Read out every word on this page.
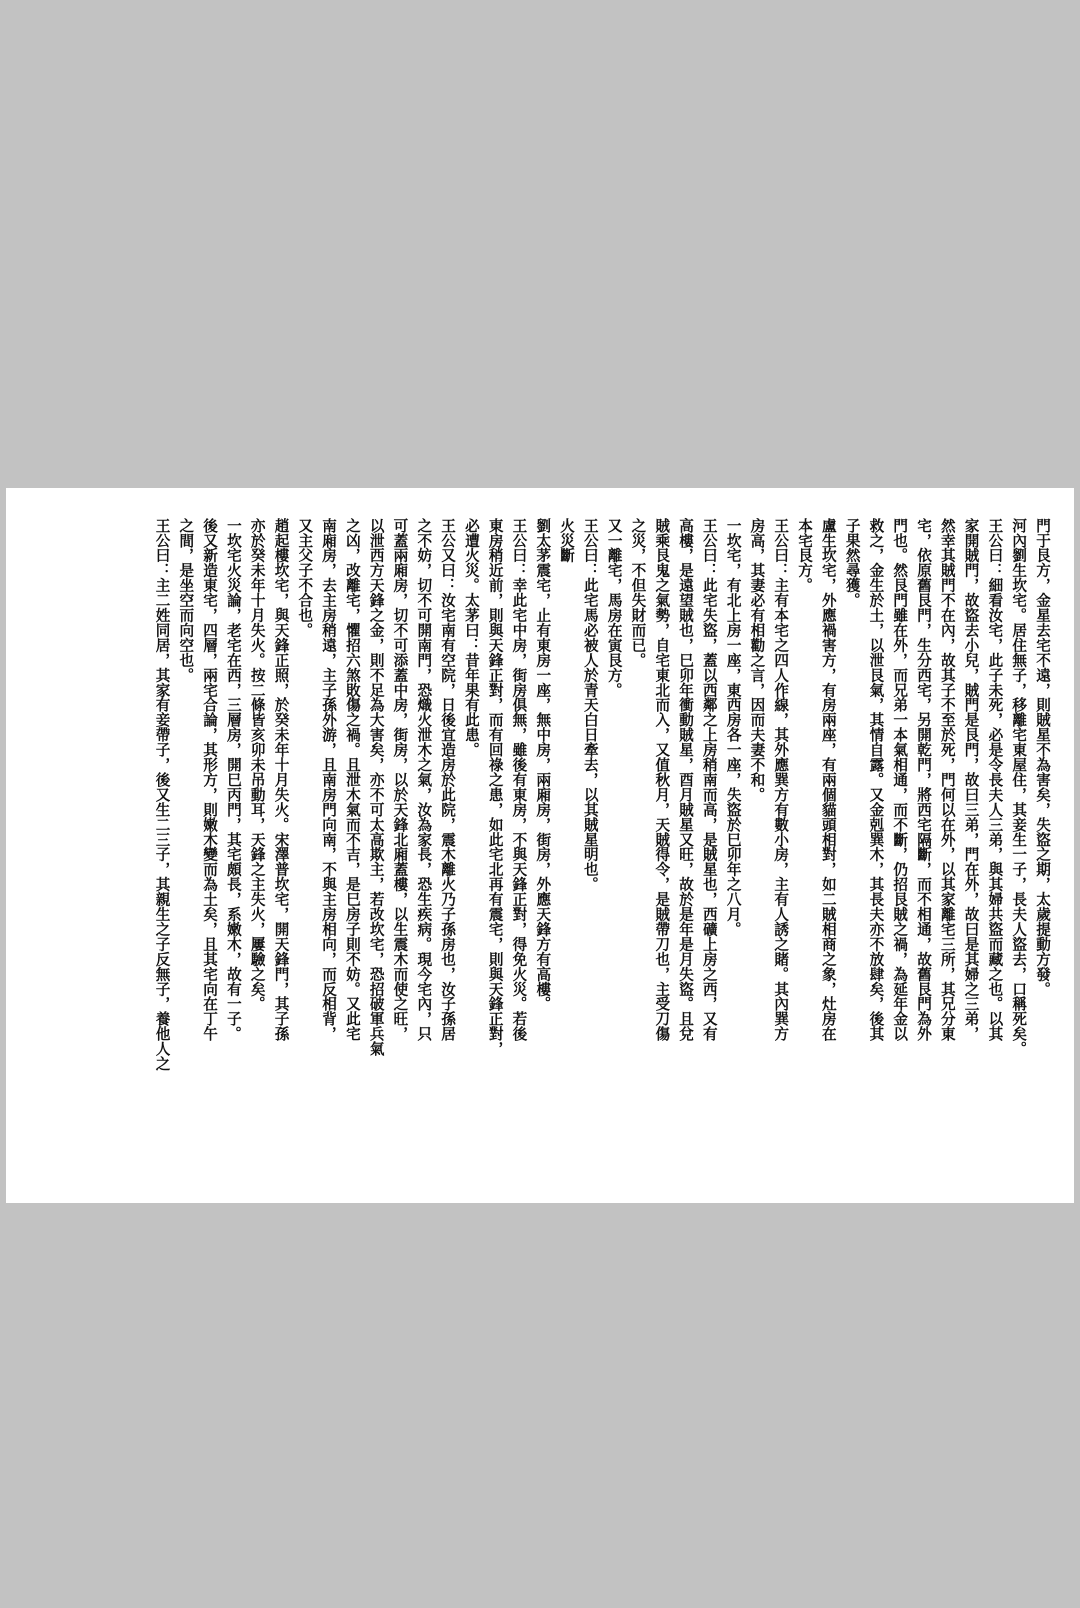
門于艮方，金星去宅不遠，則賊星不為害矣，失盜之期，太歲提動方發。
河內劉生坎宅。居住無子，移離宅東屋住，其妾生一子，長夫人盜去，口稱死矣。
王公曰：細看汝宅，此子未死，必是令長夫人三弟，與其婦共盜而藏之也。以其
家開賊門，故盜去小兒，賊門是艮門，故曰三弟，門在外，故曰是其婦之三弟，
然幸其賊門不在內，故其子不至於死，門何以在外，以其家離宅三所，其兄分東
宅，依原舊艮門，生分西宅，另開乾門，將西宅隔斷，而不相通，故舊艮門為外
門也。然艮門雖在外，而兄弟一本氣相通，而不斷，仍招艮賊之禍，為延年金以
救之，金生於土，以泄艮氣，其情自露。又金剋巽木，其長夫亦不放肆矣，後其
子果然尋獲。
盧生坎宅，外應禍害方，有房兩座，有兩個貓頭相對，如二賊相商之象，灶房在
本宅艮方。
王公曰：主有本宅之四人作線，其外應巽方有數小房，主有人誘之賭。其內巽方
房高，其妻必有相勸之言，因而夫妻不和。
一坎宅，有北上房一座，東西房各一座，失盜於巳卯年之八月。
王公曰：此宅失盜，蓋以西鄰之上房稍南而高，是賊星也，西礦上房之西，又有
高樓，是遠望賊也，巳卯年衝動賊星，酉月賊星又旺，故於是年是月失盜。且兌
賊乘艮鬼之氣勢，自宅東北而入，又值秋月，天賊得令，是賊帶刀也，主受刀傷
之災，不但失財而已。
又一離宅，馬房在寅艮方。
王公曰：此宅馬必被人於青天白日牽去，以其賊星明也。
火災斷
劉太茅震宅，止有東房一座，無中房，兩廂房，街房，外應天鋒方有高樓。
王公曰：幸此宅中房，街房俱無，雖後有東房，不與天鋒正對，得免火災。若後
東房稍近前，則與天鋒正對，而有回祿之患，如此宅北再有震宅，則與天鋒正對，
必遭火災。太茅曰：昔年果有此患。
王公又曰：汝宅南有空院，日後宜造房於此院，震木離火乃子孫房也，汝子孫居
之不妨，切不可開南門，恐熾火泄木之氣，汝為家長，恐生疾病。現今宅內，只
可蓋兩廂房，切不可添蓋中房，街房，以於天鋒北廂蓋樓，以生震木而使之旺，
以泄西方天鋒之金，則不足為大害矣，亦不可太高欺主，若改坎宅，恐招破軍兵氣
之凶，改離宅，懼招六煞敗傷之禍。且泄木氣而不吉，是巳房子則不妨。又此宅
南廂房，去主房稍遠，主子孫外游，且南房門向南，不與主房相向，而反相背，
又主父子不合也。
趙起樓坎宅，與天鋒正照，於癸未年十月失火。宋澤普坎宅，開天鋒門，其子孫
亦於癸未年十月失火。按二條皆亥卯未吊動耳，天鋒之主失火，屢驗之矣。
一坎宅火災論，老宅在西，三層房，開巳丙門，其宅頗長，系嫩木，故有一子。
後又新造東宅，四層，兩宅合論，其形方，則嫩木變而為土矣，且其宅向在丁午
之間，是坐空而向空也。
王公曰：主二姓同居，其家有妾帶子，後又生二三子，其親生之子反無子，養他人之
